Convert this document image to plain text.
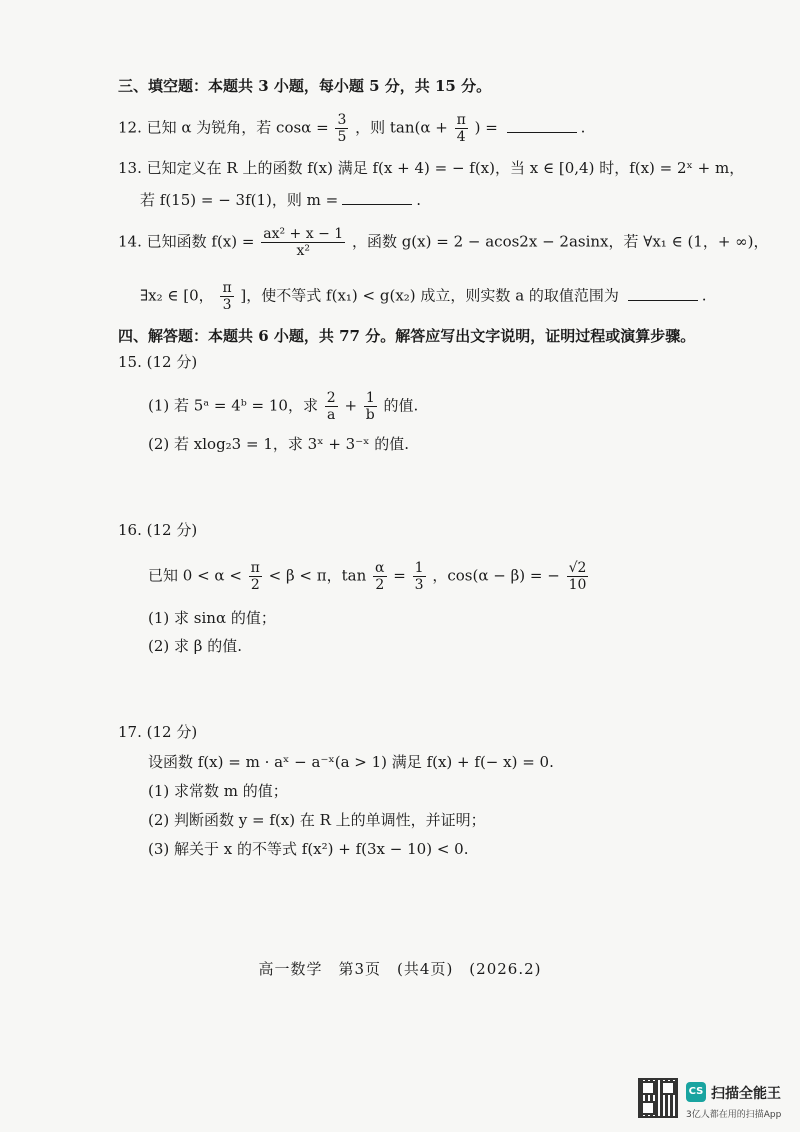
三、填空题：本题共 3 小题，每小题 5 分，共 15 分。
12. 已知 α 为锐角，若 $\cos\alpha = \frac{3}{5}$ ，则 $\tan(\alpha + \frac{\pi}{4}$ ) =	.
13. 已知定义在 R 上的函数 f(x) 满足 f(x + 4) = − f(x)，当 x ∈ [0,4) 时，f(x) = 2ˣ + m，
若 f(15) = − 3f(1)，则 m =	.
14. 已知函数 $f(x) = \frac{\text{ax² + x − 1}}{\text{x²}}$ ，函数 g(x) = 2 − acos2x − 2asinx，若 ∀x₁ ∈ (1，+ ∞)，
∃x₂ ∈ [0， $\frac{\pi}{3}$ ]，使不等式 f(x₁) < g(x₂) 成立，则实数 a 的取值范围为	.
四、解答题：本题共 6 小题，共 77 分。解答应写出文字说明，证明过程或演算步骤。
15. (12 分)
(1) 若 5ᵃ = 4ᵇ = 10，求 $\frac{2}{a} + \frac{1}{b}$ 的值.
(2) 若 xlog₂3 = 1，求 3ˣ + 3⁻ˣ 的值.
16. (12 分)
已知 $0 < \alpha < \frac{\pi}{2} < \beta < \pi$，$\tan \frac{\alpha}{2} = \frac{1}{3}$ ，cos(α − β) = − $\frac{√2}{10}$
(1) 求 sinα 的值；
(2) 求 β 的值.
17. (12 分)
设函数 f(x) = m · aˣ − a⁻ˣ(a > 1) 满足 f(x) + f(− x) = 0.
(1) 求常数 m 的值；
(2) 判断函数 y = f(x) 在 R 上的单调性，并证明；
(3) 解关于 x 的不等式 f(x²) + f(3x − 10) < 0.
高一数学　第3页　(共4页)　(2026.2)
CS 扫描全能王
3亿人都在用的扫描App
